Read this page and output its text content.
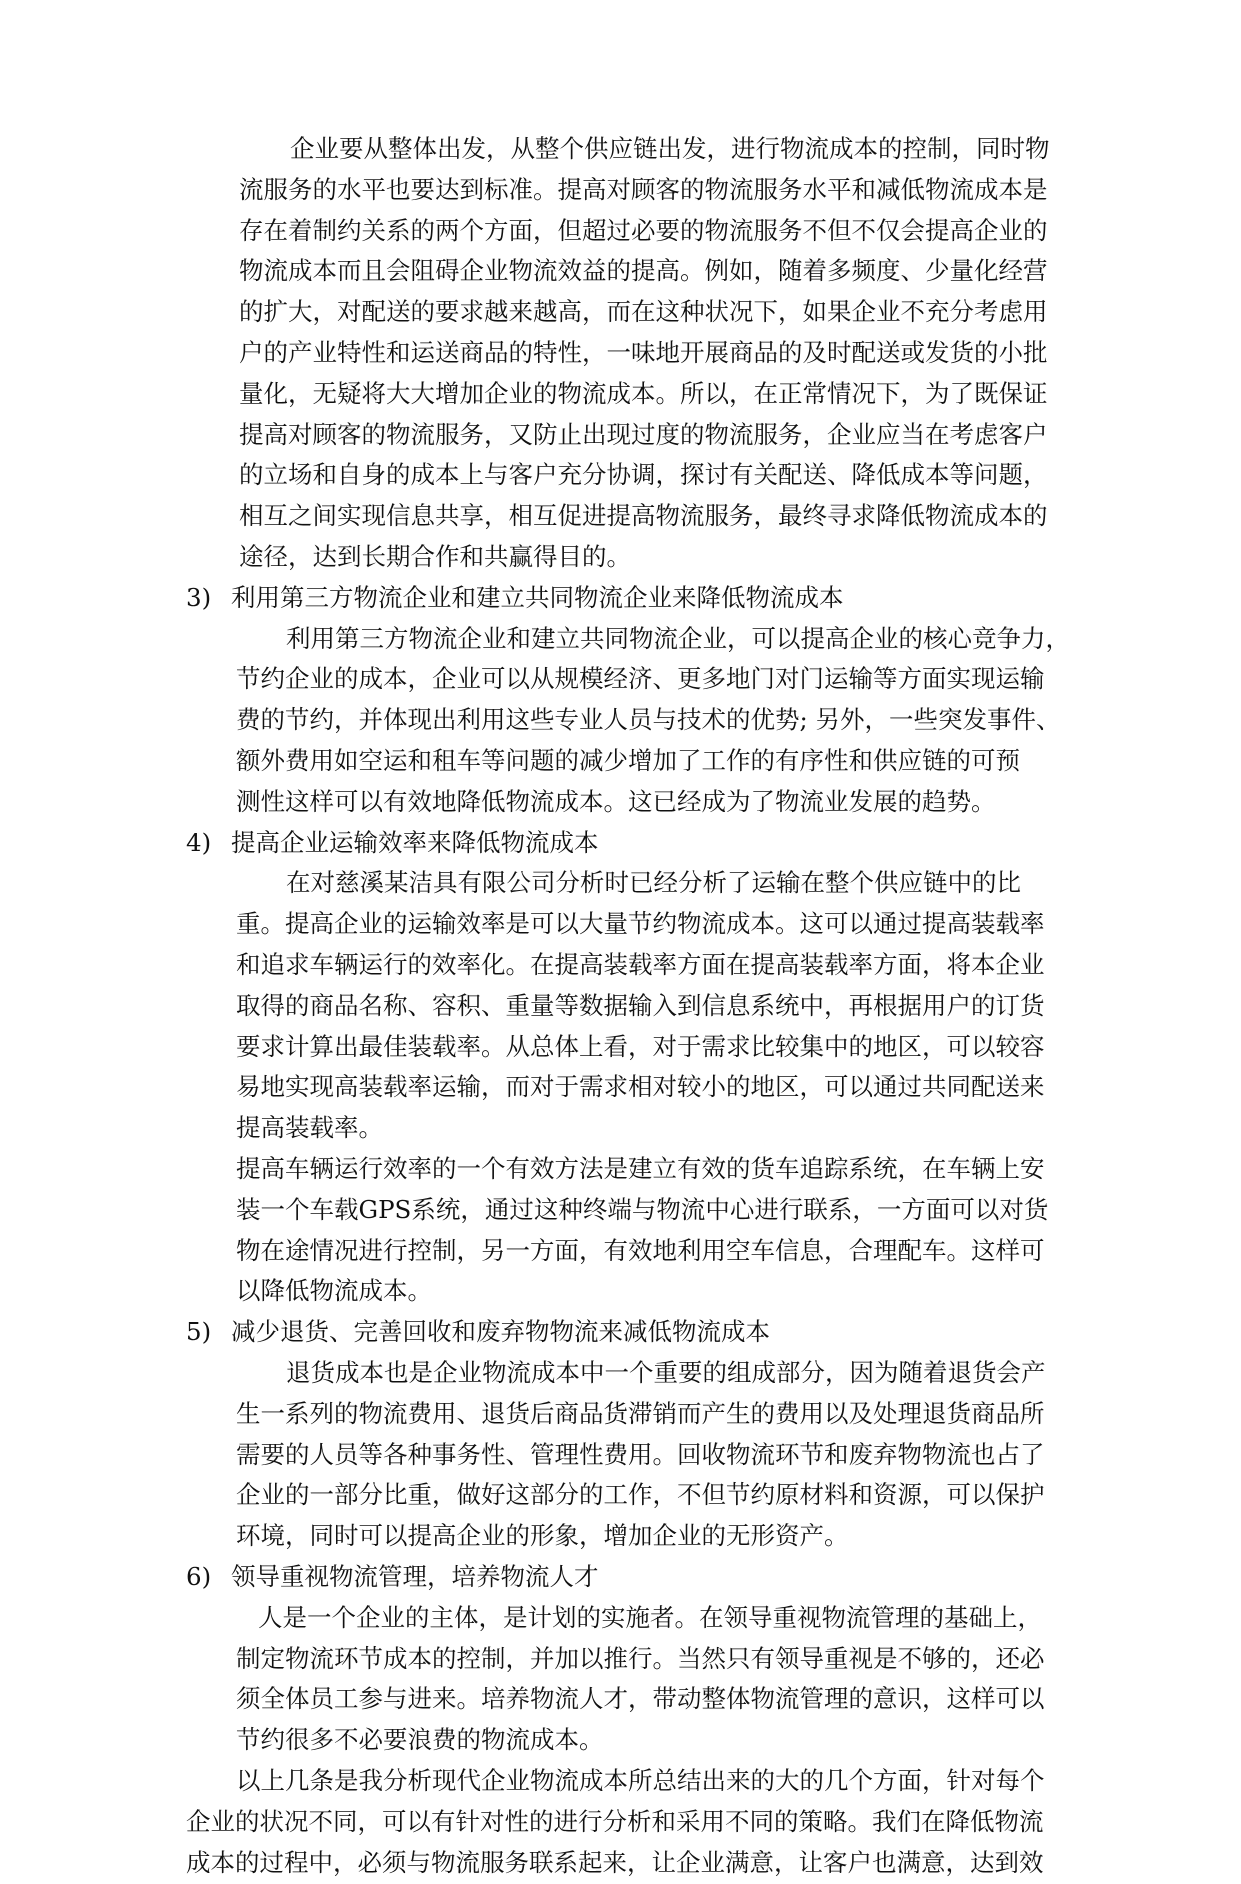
企业要从整体出发，从整个供应链出发，进行物流成本的控制，同时物
流服务的水平也要达到标准。提高对顾客的物流服务水平和减低物流成本是
存在着制约关系的两个方面，但超过必要的物流服务不但不仅会提高企业的
物流成本而且会阻碍企业物流效益的提高。例如，随着多频度、少量化经营
的扩大，对配送的要求越来越高，而在这种状况下，如果企业不充分考虑用
户的产业特性和运送商品的特性，一味地开展商品的及时配送或发货的小批
量化，无疑将大大增加企业的物流成本。所以，在正常情况下，为了既保证
提高对顾客的物流服务，又防止出现过度的物流服务，企业应当在考虑客户
的立场和自身的成本上与客户充分协调，探讨有关配送、降低成本等问题，
相互之间实现信息共享，相互促进提高物流服务，最终寻求降低物流成本的
途径，达到长期合作和共赢得目的。
3) 利用第三方物流企业和建立共同物流企业来降低物流成本
利用第三方物流企业和建立共同物流企业，可以提高企业的核心竞争力，
节约企业的成本，企业可以从规模经济、更多地门对门运输等方面实现运输
费的节约，并体现出利用这些专业人员与技术的优势; 另外，一些突发事件、
额外费用如空运和租车等问题的减少增加了工作的有序性和供应链的可预
测性这样可以有效地降低物流成本。这已经成为了物流业发展的趋势。
4) 提高企业运输效率来降低物流成本
在对慈溪某洁具有限公司分析时已经分析了运输在整个供应链中的比
重。提高企业的运输效率是可以大量节约物流成本。这可以通过提高装载率
和追求车辆运行的效率化。在提高装载率方面在提高装载率方面，将本企业
取得的商品名称、容积、重量等数据输入到信息系统中，再根据用户的订货
要求计算出最佳装载率。从总体上看，对于需求比较集中的地区，可以较容
易地实现高装载率运输，而对于需求相对较小的地区，可以通过共同配送来
提高装载率。
提高车辆运行效率的一个有效方法是建立有效的货车追踪系统，在车辆上安
装一个车载GPS系统，通过这种终端与物流中心进行联系，一方面可以对货
物在途情况进行控制，另一方面，有效地利用空车信息，合理配车。这样可
以降低物流成本。
5) 减少退货、完善回收和废弃物物流来减低物流成本
退货成本也是企业物流成本中一个重要的组成部分，因为随着退货会产
生一系列的物流费用、退货后商品货滞销而产生的费用以及处理退货商品所
需要的人员等各种事务性、管理性费用。回收物流环节和废弃物物流也占了
企业的一部分比重，做好这部分的工作，不但节约原材料和资源，可以保护
环境，同时可以提高企业的形象，增加企业的无形资产。
6) 领导重视物流管理，培养物流人才
人是一个企业的主体，是计划的实施者。在领导重视物流管理的基础上，
制定物流环节成本的控制，并加以推行。当然只有领导重视是不够的，还必
须全体员工参与进来。培养物流人才，带动整体物流管理的意识，这样可以
节约很多不必要浪费的物流成本。
以上几条是我分析现代企业物流成本所总结出来的大的几个方面，针对每个
企业的状况不同，可以有针对性的进行分析和采用不同的策略。我们在降低物流
成本的过程中，必须与物流服务联系起来，让企业满意，让客户也满意，达到效
